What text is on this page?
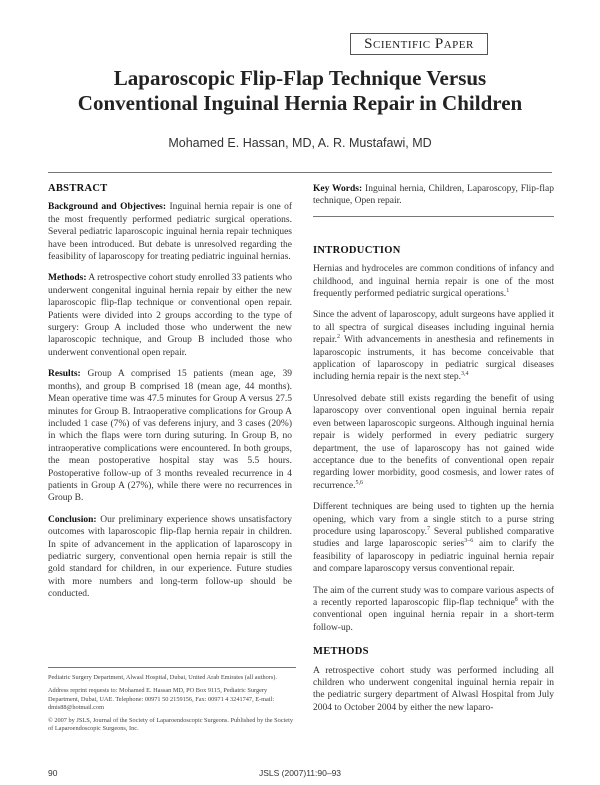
Scientific Paper
Laparoscopic Flip-Flap Technique Versus
Conventional Inguinal Hernia Repair in Children
Mohamed E. Hassan, MD, A. R. Mustafawi, MD
ABSTRACT

Background and Objectives: Inguinal hernia repair is one of the most frequently performed pediatric surgical operations. Several pediatric laparoscopic inguinal hernia repair techniques have been introduced. But debate is unresolved regarding the feasibility of laparoscopy for treating pediatric inguinal hernias.

Methods: A retrospective cohort study enrolled 33 patients who underwent congenital inguinal hernia repair by either the new laparoscopic flip-flap technique or conventional open repair. Patients were divided into 2 groups according to the type of surgery: Group A included those who underwent the new laparoscopic technique, and Group B included those who underwent conventional open repair.

Results: Group A comprised 15 patients (mean age, 39 months), and group B comprised 18 (mean age, 44 months). Mean operative time was 47.5 minutes for Group A versus 27.5 minutes for Group B. Intraoperative complications for Group A included 1 case (7%) of vas deferens injury, and 3 cases (20%) in which the flaps were torn during suturing. In Group B, no intraoperative complications were encountered. In both groups, the mean postoperative hospital stay was 5.5 hours. Postoperative follow-up of 3 months revealed recurrence in 4 patients in Group A (27%), while there were no recurrences in Group B.

Conclusion: Our preliminary experience shows unsatisfactory outcomes with laparoscopic flip-flap hernia repair in children. In spite of advancement in the application of laparoscopy in pediatric surgery, conventional open hernia repair is still the gold standard for children, in our experience. Future studies with more numbers and long-term follow-up should be conducted.

Pediatric Surgery Department, Alwasl Hospital, Dubai, United Arab Emirates (all authors).

Address reprint requests to: Mohamed E. Hassan MD, PO Box 9115, Pediatric Surgery Department, Dubai, UAE. Telephone: 00971 50 2159156, Fax: 00971 4 3241747, E-mail: dmis88@hotmail.com

© 2007 by JSLS, Journal of the Society of Laparoendoscopic Surgeons. Published by the Society of Laparoendoscopic Surgeons, Inc.

Key Words: Inguinal hernia, Children, Laparoscopy, Flip-flap technique, Open repair.

INTRODUCTION

Hernias and hydroceles are common conditions of infancy and childhood, and inguinal hernia repair is one of the most frequently performed pediatric surgical operations.$^1$

Since the advent of laparoscopy, adult surgeons have applied it to all spectra of surgical diseases including inguinal hernia repair.$^2$ With advancements in anesthesia and refinements in laparoscopic instruments, it has become conceivable that application of laparoscopy in pediatric surgical diseases including hernia repair is the next step.$^{3,4}$

Unresolved debate still exists regarding the benefit of using laparoscopy over conventional open inguinal hernia repair even between laparoscopic surgeons. Although inguinal hernia repair is widely performed in every pediatric surgery department, the use of laparoscopy has not gained wide acceptance due to the benefits of conventional open repair regarding lower morbidity, good cosmesis, and lower rates of recurrence.$^{5,6}$

Different techniques are being used to tighten up the hernia opening, which vary from a single stitch to a purse string procedure using laparoscopy.$^7$ Several published comparative studies and large laparoscopic series$^{3-6}$ aim to clarify the feasibility of laparoscopy in pediatric inguinal hernia repair and compare laparoscopy versus conventional repair.

The aim of the current study was to compare various aspects of a recently reported laparoscopic flip-flap technique$^8$ with the conventional open inguinal hernia repair in a short-term follow-up.

METHODS

A retrospective cohort study was performed including all children who underwent congenital inguinal hernia repair in the pediatric surgery department of Alwasl Hospital from July 2004 to October 2004 by either the new laparo-

90	JSLS (2007)11:90–93
